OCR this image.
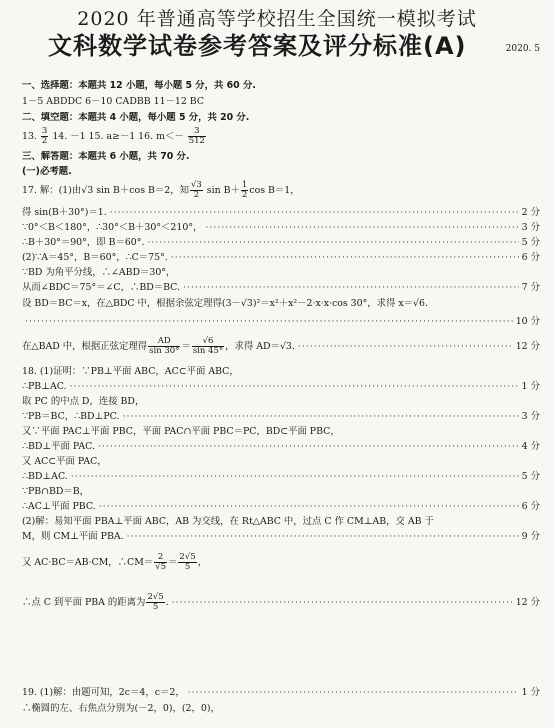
2020 年普通高等学校招生全国统一模拟考试
文科数学试卷参考答案及评分标准(A)	2020. 5
一、选择题：本题共 12 小题，每小题 5 分，共 60 分.
1－5 ABDDC 6－10 CADBB 11－12 BC
二、填空题：本题共 4 小题，每小题 5 分，共 20 分.
13. $\frac{3}{2} 14$. －1 15. a≥－1 16. $m<- \frac{3}{512}$
三、解答题：本题共 6 小题，共 70 分.
(一)必考题.
17. 解：(1)由√3 sin B＋cos B＝2，知 $\frac{√3}{2}$ $\sin B+ \frac{1}{2}$ cos B＝1，
得 sin(B＋30°)＝1. ·····	2 分
∵0°＜B＜180°，∴30°＜B＋30°＜210°， ·····	3 分
∴B＋30°＝90°，即 B＝60°. ·····	5 分
(2)∵A＝45°，B＝60°，∴C＝75°. ·····	6 分
∵BD 为角平分线，∴∠ABD＝30°，
从而∠BDC＝75°＝∠C，∴BD＝BC. ·····	7 分
设 BD＝BC＝x，在△BDC 中，根据余弦定理得(3－√3)²＝x²＋x²－2·x·x·cos 30°，求得 x＝√6.
·····
10 分
在△BAD 中，根据正弦定理得 $\frac{AD}{\sin 30^\circ} = \frac{√6}{\sin 45^\circ}$ ，求得 AD＝√3. ·····	12 分
18. (1)证明：∵PB⊥平面 ABC，AC⊂平面 ABC，
∴PB⊥AC. ·····	1 分
取 PC 的中点 D，连接 BD，
∵PB＝BC，∴BD⊥PC. ·····	3 分
又∵平面 PAC⊥平面 PBC，平面 PAC∩平面 PBC＝PC，BD⊂平面 PBC，
∴BD⊥平面 PAC. ·····	4 分
又 AC⊂平面 PAC，
∴BD⊥AC. ·····	5 分
∵PB∩BD＝B，
∴AC⊥平面 PBC. ·····	6 分
(2)解：易知平面 PBA⊥平面 ABC，AB 为交线，在 Rt△ABC 中，过点 C 作 CM⊥AB，交 AB 于
M，则 CM⊥平面 PBA. ·····	9 分
又 AC·BC＝AB·CM，∴CM＝ $\frac{2}{√5} = \frac{2√5}{5}$ ，
∴点 C 到平面 PBA 的距离为 $\frac{2√5}{5}$ . ·····	12 分
19. (1)解：由题可知，2c＝4，c＝2， ·····	1 分
∴椭圆的左、右焦点分别为(－2，0)，(2，0)，
